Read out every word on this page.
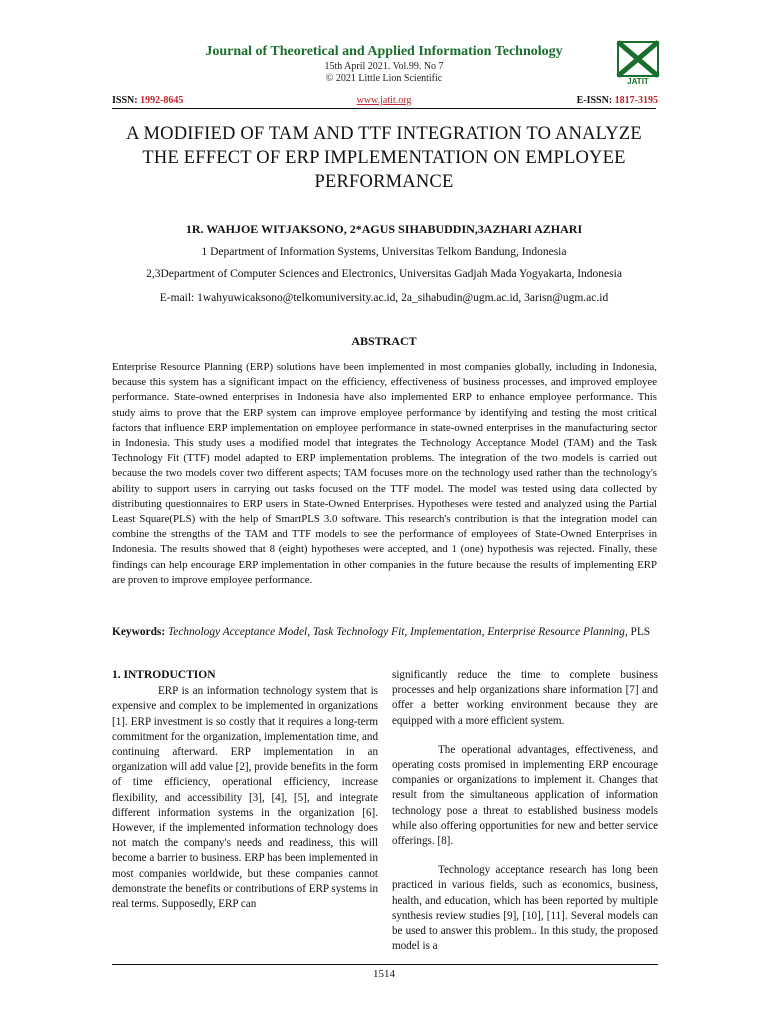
Journal of Theoretical and Applied Information Technology
15th April 2021. Vol.99. No 7
© 2021 Little Lion Scientific	JATIT
ISSN: 1992-8645	www.jatit.org	E-ISSN: 1817-3195
A MODIFIED OF TAM AND TTF INTEGRATION TO ANALYZE
THE EFFECT OF ERP IMPLEMENTATION ON EMPLOYEE
PERFORMANCE
1R. WAHJOE WITJAKSONO, 2*AGUS SIHABUDDIN,3AZHARI AZHARI
1 Department of Information Systems, Universitas Telkom Bandung, Indonesia
2,3Department of Computer Sciences and Electronics, Universitas Gadjah Mada Yogyakarta, Indonesia
E-mail: 1wahyuwicaksono@telkomuniversity.ac.id, 2a_sihabudin@ugm.ac.id, 3arisn@ugm.ac.id
ABSTRACT
Enterprise Resource Planning (ERP) solutions have been implemented in most companies globally, including in Indonesia, because this system has a significant impact on the efficiency, effectiveness of business processes, and improved employee performance. State-owned enterprises in Indonesia have also implemented ERP to enhance employee performance. This study aims to prove that the ERP system can improve employee performance by identifying and testing the most critical factors that influence ERP implementation on employee performance in state-owned enterprises in the manufacturing sector in Indonesia. This study uses a modified model that integrates the Technology Acceptance Model (TAM) and the Task Technology Fit (TTF) model adapted to ERP implementation problems. The integration of the two models is carried out because the two models cover two different aspects; TAM focuses more on the technology used rather than the technology's ability to support users in carrying out tasks focused on the TTF model. The model was tested using data collected by distributing questionnaires to ERP users in State-Owned Enterprises. Hypotheses were tested and analyzed using the Partial Least Square(PLS) with the help of SmartPLS 3.0 software. This research's contribution is that the integration model can combine the strengths of the TAM and TTF models to see the performance of employees of State-Owned Enterprises in Indonesia. The results showed that 8 (eight) hypotheses were accepted, and 1 (one) hypothesis was rejected. Finally, these findings can help encourage ERP implementation in other companies in the future because the results of implementing ERP are proven to improve employee performance.
Keywords: Technology Acceptance Model, Task Technology Fit, Implementation, Enterprise Resource Planning, PLS
1. INTRODUCTION

ERP is an information technology system that is expensive and complex to be implemented in organizations [1]. ERP investment is so costly that it requires a long-term commitment for the organization, implementation time, and continuing afterward. ERP implementation in an organization will add value [2], provide benefits in the form of time efficiency, operational efficiency, increase flexibility, and accessibility [3], [4], [5], and integrate different information systems in the organization [6]. However, if the implemented information technology does not match the company's needs and readiness, this will become a barrier to business. ERP has been implemented in most companies worldwide, but these companies cannot demonstrate the benefits or contributions of ERP systems in real terms. Supposedly, ERP can

significantly reduce the time to complete business processes and help organizations share information [7] and offer a better working environment because they are equipped with a more efficient system.

The operational advantages, effectiveness, and operating costs promised in implementing ERP encourage companies or organizations to implement it. Changes that result from the simultaneous application of information technology pose a threat to established business models while also offering opportunities for new and better service offerings. [8].

Technology acceptance research has long been practiced in various fields, such as economics, business, health, and education, which has been reported by multiple synthesis review studies [9], [10], [11]. Several models can be used to answer this problem.. In this study, the proposed model is a

1514
